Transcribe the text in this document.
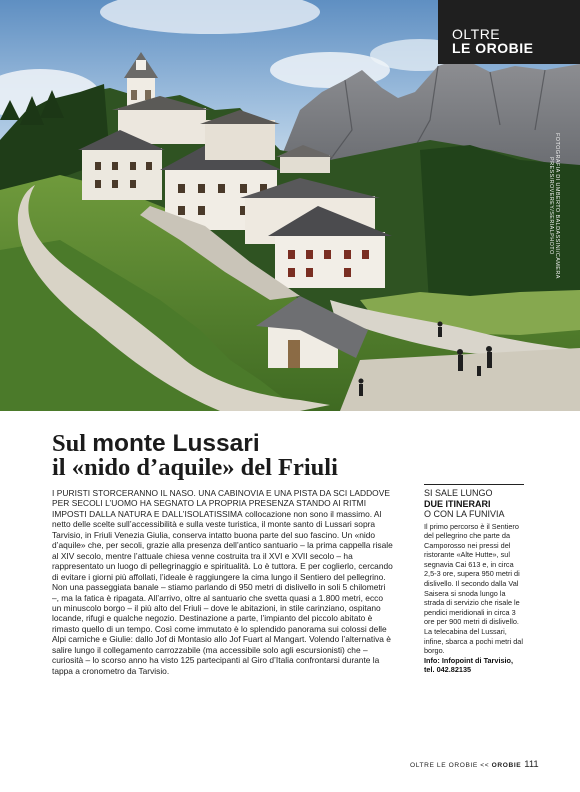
OLTRE
LE OROBIE
FOTOGRAFIA DI UMBERTO BALDASSINI/CAMERA PRESS/ROVEREY/SERIALPHOTO
Sul monte Lussari
il «nido d’aquile» del Friuli
I PURISTI STORCERANNO IL NASO. UNA CABINOVIA E UNA PISTA DA SCI LADDOVE PER SECOLI L’UOMO HA SEGNATO LA PROPRIA PRESENZA STANDO AI RITMI IMPOSTI DALLA NATURA E DALL’ISOLATISSIMA collocazione non sono il massimo. Al netto delle scelte sull’accessibilità e sulla veste turistica, il monte santo di Lussari sopra Tarvisio, in Friuli Venezia Giulia, conserva intatto buona parte del suo fascino. Un «nido d’aquile» che, per secoli, grazie alla presenza dell’antico santuario – la prima cappella risale al XIV secolo, mentre l’attuale chiesa venne costruita tra il XVI e XVII secolo – ha rappresentato un luogo di pellegrinaggio e spiritualità. Lo è tuttora. E per coglierlo, cercando di evitare i giorni più affollati, l’ideale è raggiungere la cima lungo il Sentiero del pellegrino. Non una passeggiata banale – stiamo parlando di 950 metri di dislivello in soli 5 chilometri –, ma la fatica è ripagata. All’arrivo, oltre al santuario che svetta quasi a 1.800 metri, ecco un minuscolo borgo – il più alto del Friuli – dove le abitazioni, in stile carinziano, ospitano locande, rifugi e qualche negozio. Destinazione a parte, l’impianto del piccolo abitato è rimasto quello di un tempo. Così come immutato è lo splendido panorama sui colossi delle Alpi carniche e Giulie: dallo Jof di Montasio allo Jof Fuart al Mangart. Volendo l’alternativa è salire lungo il collegamento carrozzabile (ma accessibile solo agli escursionisti) che – curiosità – lo scorso anno ha visto 125 partecipanti al Giro d’Italia confrontarsi durante la tappa a cronometro da Tarvisio.
SI SALE LUNGO
DUE ITINERARI
O CON LA FUNIVIA
Il primo percorso è il Sentiero del pellegrino che parte da Camporosso nei pressi del ristorante «Alte Hutte», sul segnavia Cai 613 e, in circa 2,5-3 ore, supera 950 metri di dislivello. Il secondo dalla Val Saisera si snoda lungo la strada di servizio che risale le pendici meridionali in circa 3 ore per 900 metri di dislivello. La telecabina del Lussari, infine, sbarca a pochi metri dal borgo.
Info: Infopoint di Tarvisio,
tel. 042.82135
OLTRE LE OROBIE << OROBIE 111
